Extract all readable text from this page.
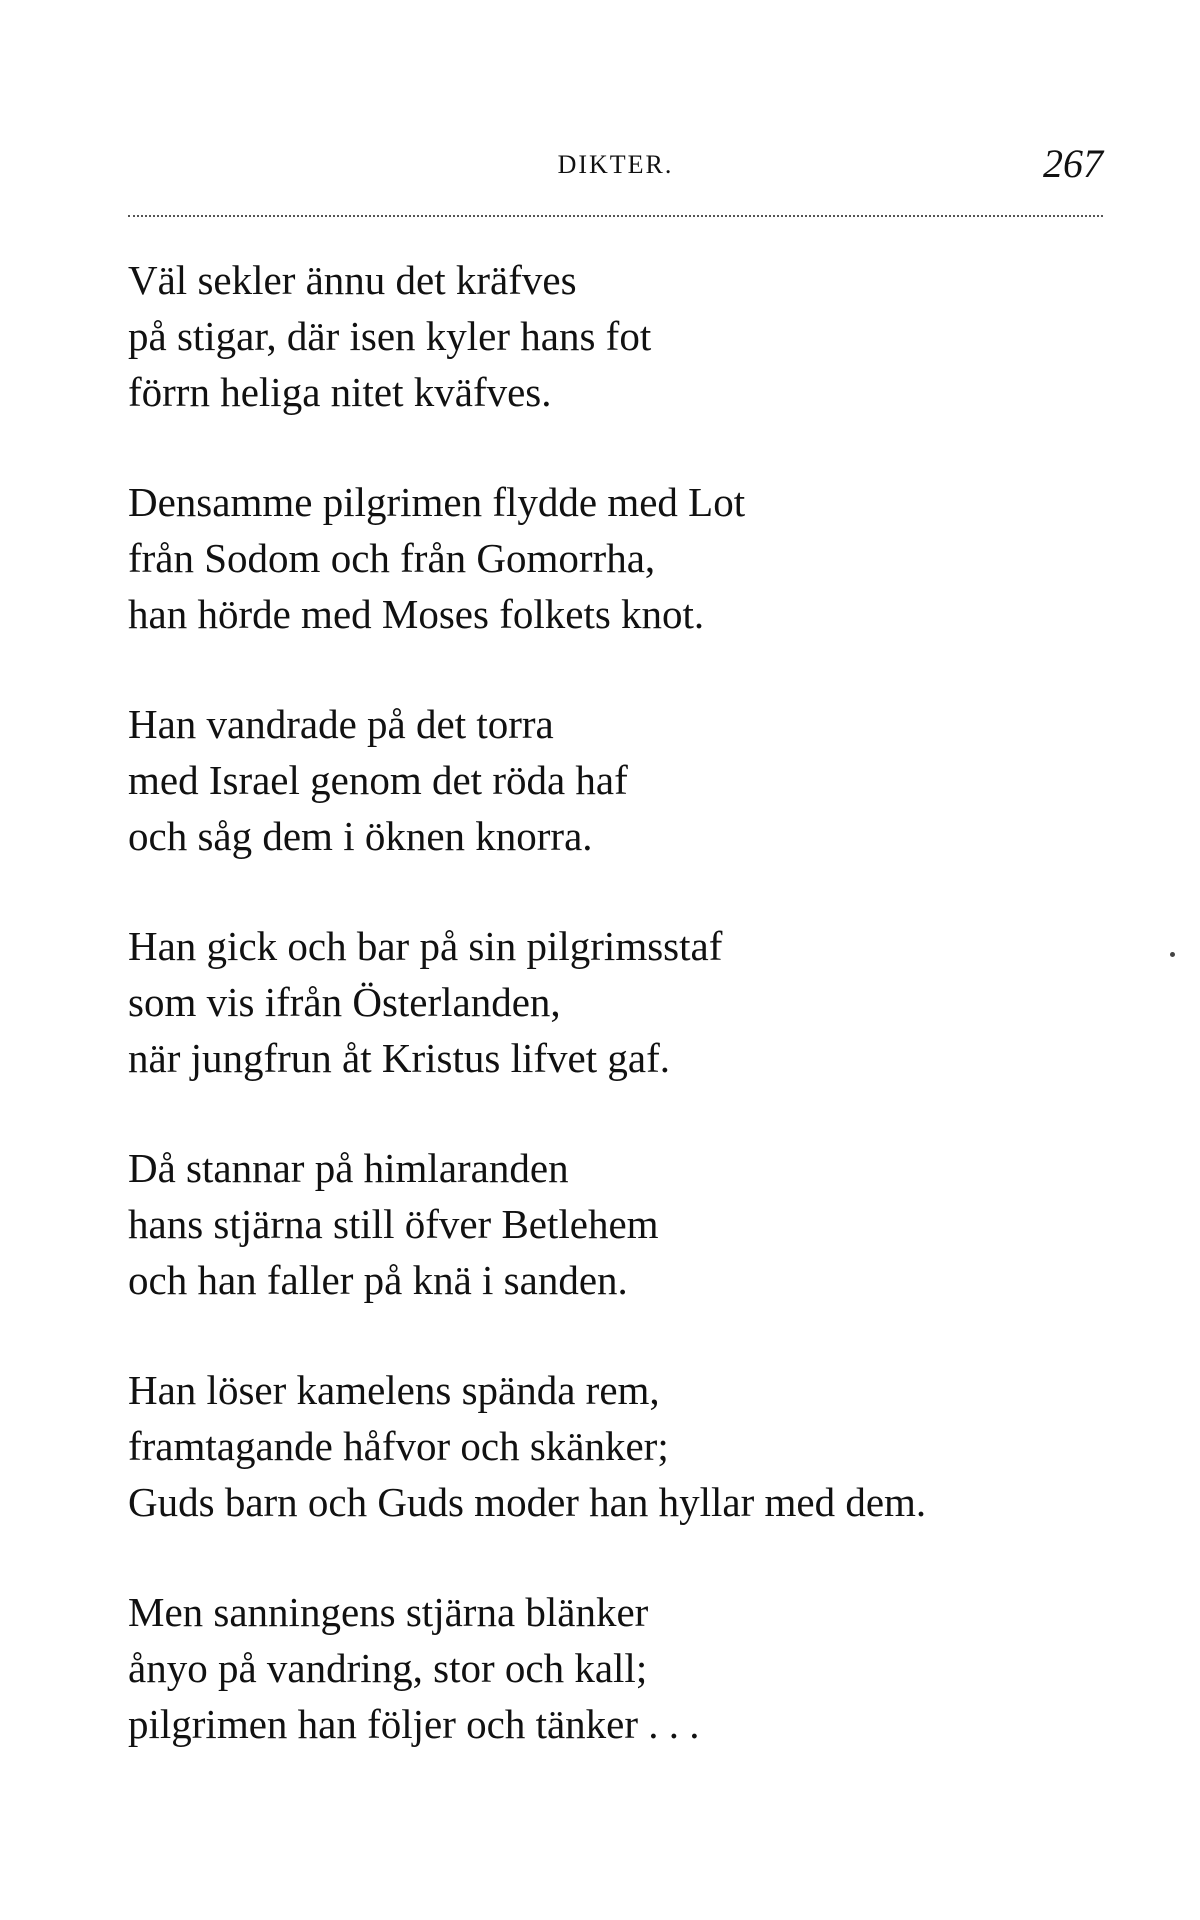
DIKTER.	267
Väl sekler ännu det kräfves
på stigar, där isen kyler hans fot
förrn heliga nitet kväfves.
Densamme pilgrimen flydde med Lot
från Sodom och från Gomorrha,
han hörde med Moses folkets knot.
Han vandrade på det torra
med Israel genom det röda haf
och såg dem i öknen knorra.
Han gick och bar på sin pilgrimsstaf
som vis ifrån Österlanden,
när jungfrun åt Kristus lifvet gaf.
Då stannar på himlaranden
hans stjärna still öfver Betlehem
och han faller på knä i sanden.
Han löser kamelens spända rem,
framtagande håfvor och skänker;
Guds barn och Guds moder han hyllar med dem.
Men sanningens stjärna blänker
ånyo på vandring, stor och kall;
pilgrimen han följer och tänker . . .
